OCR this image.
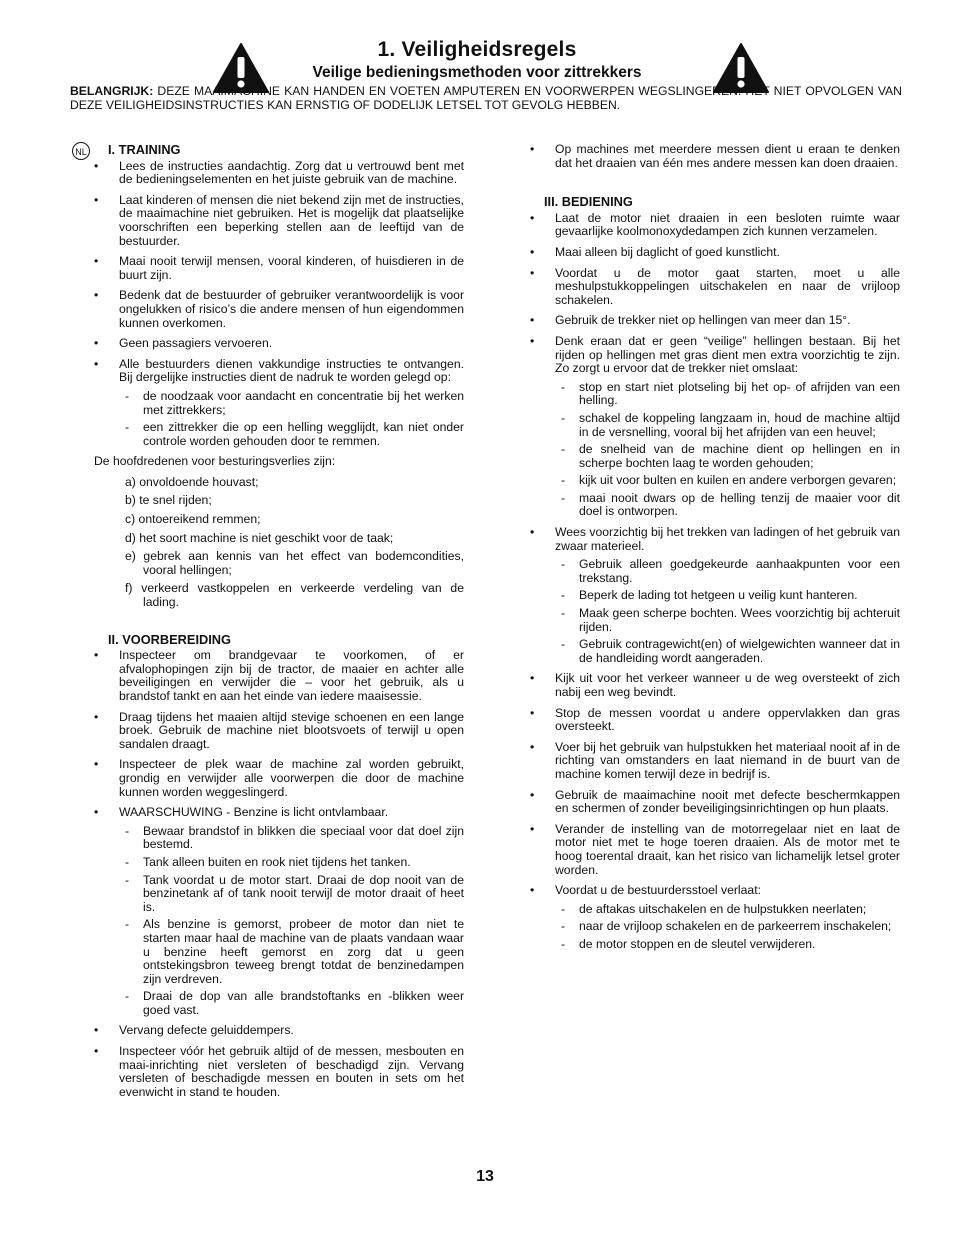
1. Veiligheidsregels
Veilige bedieningsmethoden voor zittrekkers
BELANGRIJK: DEZE MAAIMACHINE KAN HANDEN EN VOETEN AMPUTEREN EN VOORWERPEN WEGSLINGEREN. HET NIET OPVOLGEN VAN DEZE VEILIGHEIDSINSTRUCTIES KAN ERNSTIG OF DODELIJK LETSEL TOT GEVOLG HEBBEN.
NL I. TRAINING
• Lees de instructies aandachtig. Zorg dat u vertrouwd bent met de bedieningselementen en het juiste gebruik van de machine.
• Laat kinderen of mensen die niet bekend zijn met de instructies, de maaimachine niet gebruiken. Het is mogelijk dat plaatselijke voorschriften een beperking stellen aan de leeftijd van de bestuurder.
• Maai nooit terwijl mensen, vooral kinderen, of huisdieren in de buurt zijn.
• Bedenk dat de bestuurder of gebruiker verantwoordelijk is voor ongelukken of risico’s die andere mensen of hun eigendommen kunnen overkomen.
• Geen passagiers vervoeren.
• Alle bestuurders dienen vakkundige instructies te ontvangen. Bij dergelijke instructies dient de nadruk te worden gelegd op:
- de noodzaak voor aandacht en concentratie bij het werken met zittrekkers;
- een zittrekker die op een helling wegglijdt, kan niet onder controle worden gehouden door te remmen.
De hoofdredenen voor besturingsverlies zijn:
a) onvoldoende houvast;
b) te snel rijden;
c) ontoereikend remmen;
d) het soort machine is niet geschikt voor de taak;
e) gebrek aan kennis van het effect van bodemcondities, vooral hellingen;
f) verkeerd vastkoppelen en verkeerde verdeling van de lading.
II. VOORBEREIDING
• Inspecteer om brandgevaar te voorkomen, of er afvalophopingen zijn bij de tractor, de maaier en achter alle beveiligingen en verwijder die – voor het gebruik, als u brandstof tankt en aan het einde van iedere maaisessie.
• Draag tijdens het maaien altijd stevige schoenen en een lange broek. Gebruik de machine niet blootsvoets of terwijl u open sandalen draagt.
• Inspecteer de plek waar de machine zal worden gebruikt, grondig en verwijder alle voorwerpen die door de machine kunnen worden weggeslingerd.
• WAARSCHUWING - Benzine is licht ontvlambaar.
- Bewaar brandstof in blikken die speciaal voor dat doel zijn bestemd.
- Tank alleen buiten en rook niet tijdens het tanken.
- Tank voordat u de motor start. Draai de dop nooit van de benzinetank af of tank nooit terwijl de motor draait of heet is.
- Als benzine is gemorst, probeer de motor dan niet te starten maar haal de machine van de plaats vandaan waar u benzine heeft gemorst en zorg dat u geen ontstekingsbron teweeg brengt totdat de benzinedampen zijn verdreven.
- Draai de dop van alle brandstoftanks en -blikken weer goed vast.
• Vervang defecte geluiddempers.
• Inspecteer vóór het gebruik altijd of de messen, mesbouten en maai-inrichting niet versleten of beschadigd zijn. Vervang versleten of beschadigde messen en bouten in sets om het evenwicht in stand te houden.
• Op machines met meerdere messen dient u eraan te denken dat het draaien van één mes andere messen kan doen draaien.
III. BEDIENING
• Laat de motor niet draaien in een besloten ruimte waar gevaarlijke koolmonoxydedampen zich kunnen verzamelen.
• Maai alleen bij daglicht of goed kunstlicht.
• Voordat u de motor gaat starten, moet u alle meshulpstukkoppelingen uitschakelen en naar de vrijloop schakelen.
• Gebruik de trekker niet op hellingen van meer dan 15°.
• Denk eraan dat er geen “veilige” hellingen bestaan. Bij het rijden op hellingen met gras dient men extra voorzichtig te zijn. Zo zorgt u ervoor dat de trekker niet omslaat:
- stop en start niet plotseling bij het op- of afrijden van een helling.
- schakel de koppeling langzaam in, houd de machine altijd in de versnelling, vooral bij het afrijden van een heuvel;
- de snelheid van de machine dient op hellingen en in scherpe bochten laag te worden gehouden;
- kijk uit voor bulten en kuilen en andere verborgen gevaren;
- maai nooit dwars op de helling tenzij de maaier voor dit doel is ontworpen.
• Wees voorzichtig bij het trekken van ladingen of het gebruik van zwaar materieel.
- Gebruik alleen goedgekeurde aanhaakpunten voor een trekstang.
- Beperk de lading tot hetgeen u veilig kunt hanteren.
- Maak geen scherpe bochten. Wees voorzichtig bij achteruit rijden.
- Gebruik contragewicht(en) of wielgewichten wanneer dat in de handleiding wordt aangeraden.
• Kijk uit voor het verkeer wanneer u de weg oversteekt of zich nabij een weg bevindt.
• Stop de messen voordat u andere oppervlakken dan gras oversteekt.
• Voer bij het gebruik van hulpstukken het materiaal nooit af in de richting van omstanders en laat niemand in de buurt van de machine komen terwijl deze in bedrijf is.
• Gebruik de maaimachine nooit met defecte beschermkappen en schermen of zonder beveiligingsinrichtingen op hun plaats.
• Verander de instelling van de motorregelaar niet en laat de motor niet met te hoge toeren draaien. Als de motor met te hoog toerental draait, kan het risico van lichamelijk letsel groter worden.
• Voordat u de bestuurdersstoel verlaat:
- de aftakas uitschakelen en de hulpstukken neerlaten;
- naar de vrijloop schakelen en de parkeerrem inschakelen;
- de motor stoppen en de sleutel verwijderen.
13
